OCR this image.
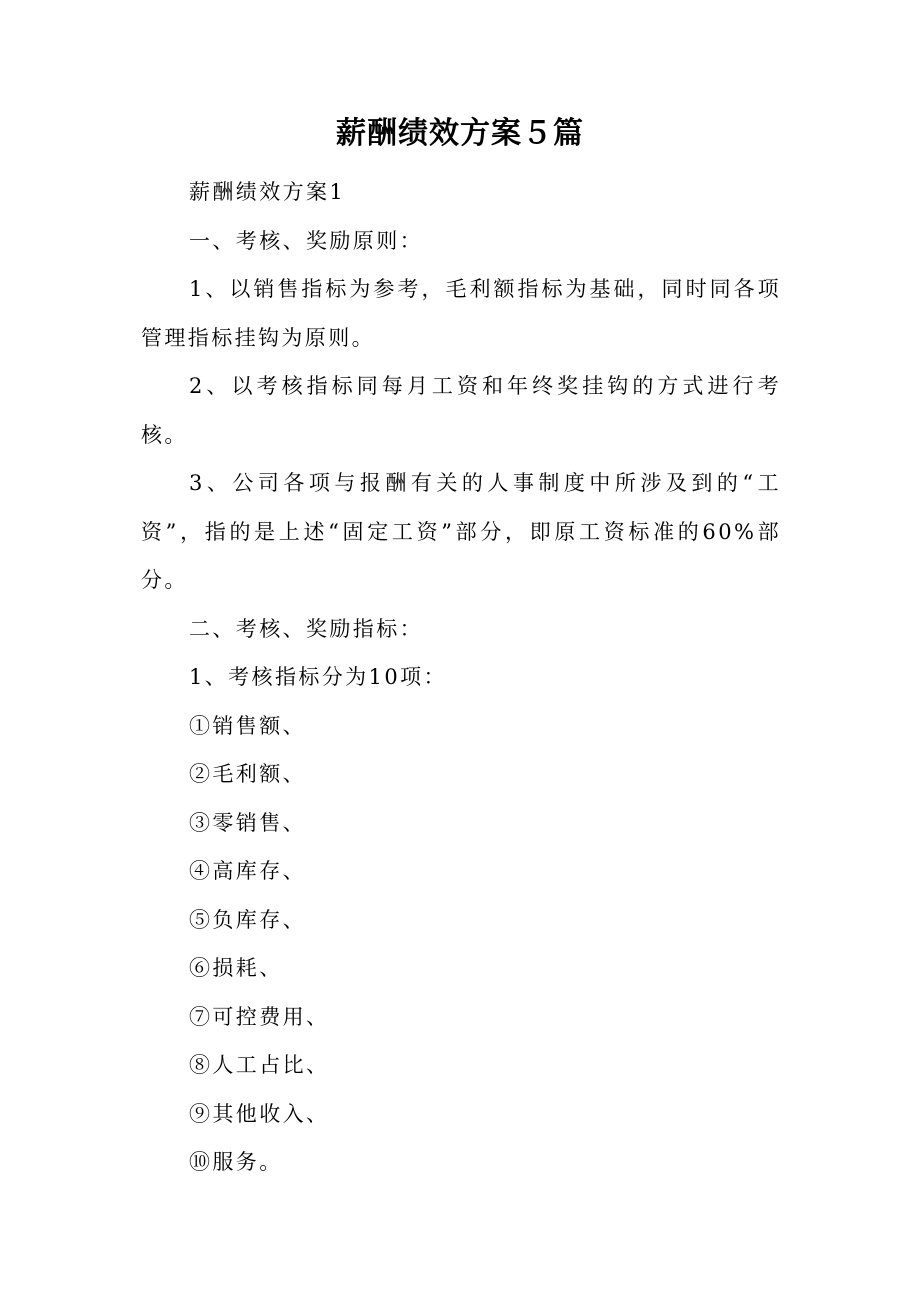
薪酬绩效方案５篇

薪酬绩效方案1

一、考核、奖励原则：

1、以销售指标为参考，毛利额指标为基础，同时同各项管理指标挂钩为原则。

2、以考核指标同每月工资和年终奖挂钩的方式进行考核。

3、公司各项与报酬有关的人事制度中所涉及到的“工资”，指的是上述“固定工资”部分，即原工资标准的60%部分。

二、考核、奖励指标：

1、考核指标分为10项：

①销售额、

②毛利额、

③零销售、

④高库存、

⑤负库存、

⑥损耗、

⑦可控费用、

⑧人工占比、

⑨其他收入、

⑩服务。
